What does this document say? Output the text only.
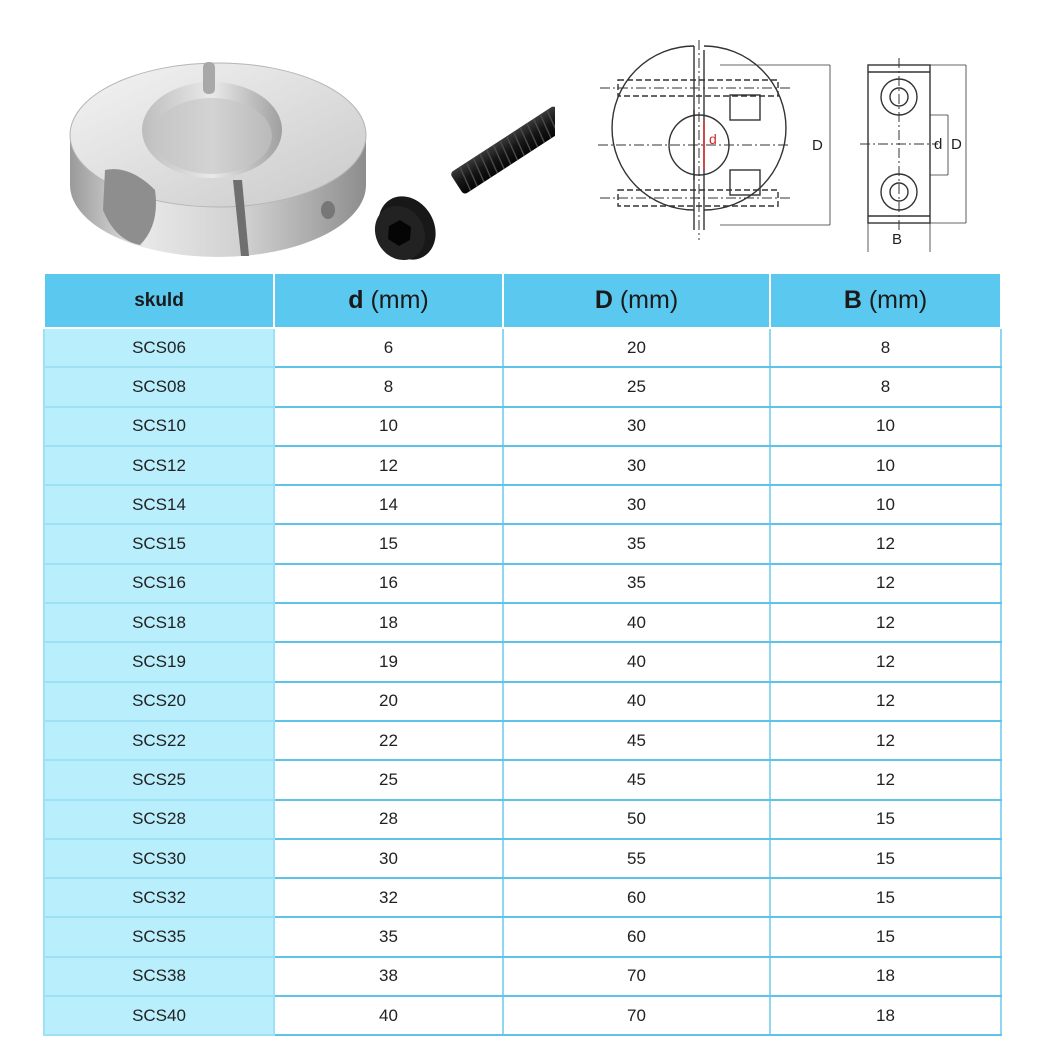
D
d	d D
B
skuld	d (mm)	D (mm)	B (mm)
SCS06	6	20	8
SCS08	8	25	8
SCS10	10	30	10
SCS12	12	30	10
SCS14	14	30	10
SCS15	15	35	12
SCS16	16	35	12
SCS18	18	40	12
SCS19	19	40	12
SCS20	20	40	12
SCS22	22	45	12
SCS25	25	45	12
SCS28	28	50	15
SCS30	30	55	15
SCS32	32	60	15
SCS35	35	60	15
SCS38	38	70	18
SCS40	40	70	18
